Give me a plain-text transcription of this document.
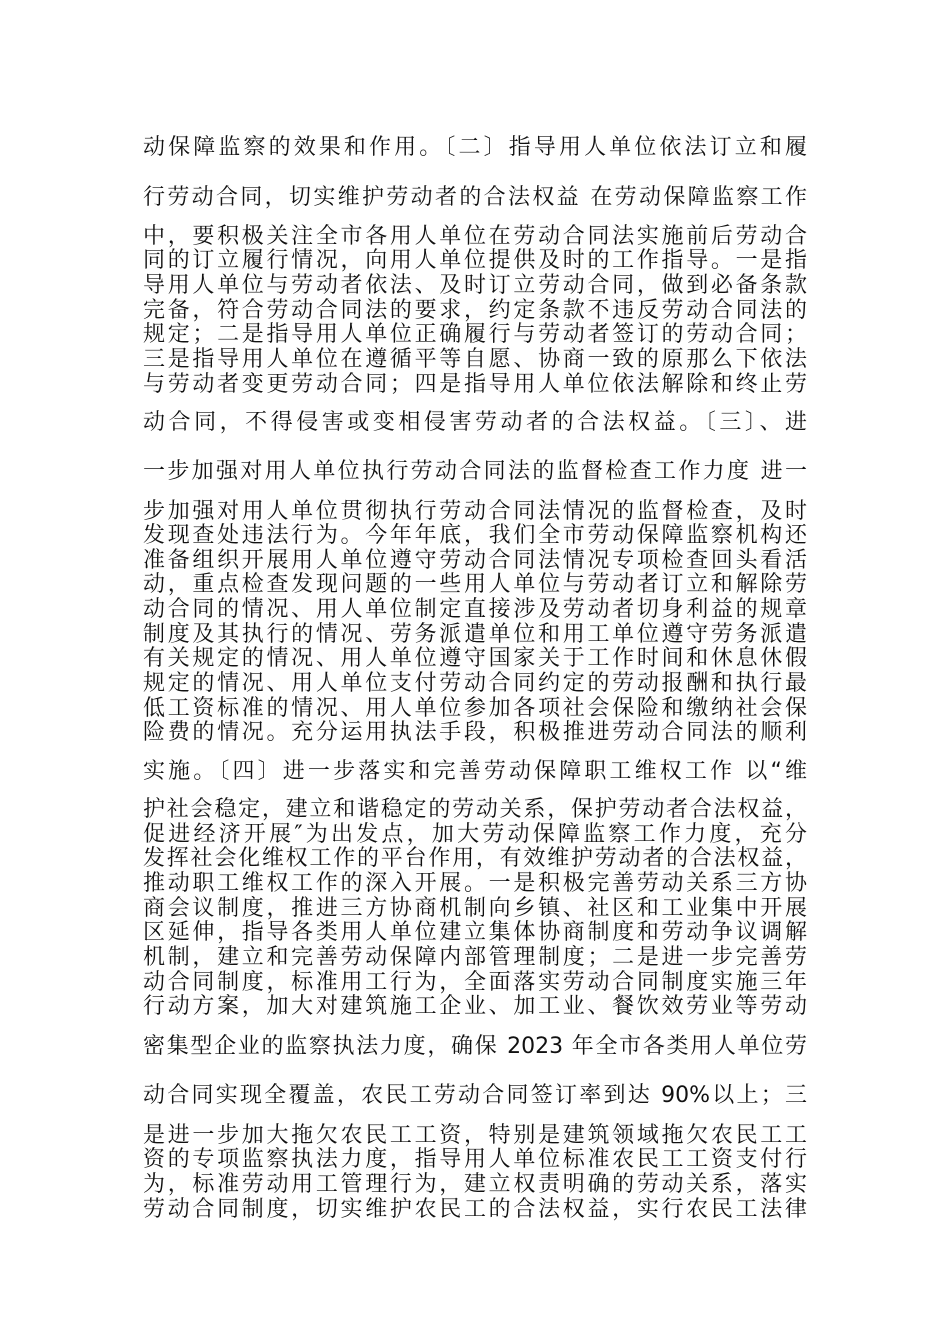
动保障监察的效果和作用。〔二〕指导用人单位依法订立和履

行劳动合同，切实维护劳动者的合法权益 在劳动保障监察工作

中，要积极关注全市各用人单位在劳动合同法实施前后劳动合

同的订立履行情况，向用人单位提供及时的工作指导。一是指

导用人单位与劳动者依法、及时订立劳动合同，做到必备条款

完备，符合劳动合同法的要求，约定条款不违反劳动合同法的

规定；二是指导用人单位正确履行与劳动者签订的劳动合同；

三是指导用人单位在遵循平等自愿、协商一致的原那么下依法

与劳动者变更劳动合同；四是指导用人单位依法解除和终止劳

动合同，不得侵害或变相侵害劳动者的合法权益。〔三〕、进

一步加强对用人单位执行劳动合同法的监督检查工作力度 进一

步加强对用人单位贯彻执行劳动合同法情况的监督检查，及时

发现查处违法行为。今年年底，我们全市劳动保障监察机构还

准备组织开展用人单位遵守劳动合同法情况专项检查回头看活

动，重点检查发现问题的一些用人单位与劳动者订立和解除劳

动合同的情况、用人单位制定直接涉及劳动者切身利益的规章

制度及其执行的情况、劳务派遣单位和用工单位遵守劳务派遣

有关规定的情况、用人单位遵守国家关于工作时间和休息休假

规定的情况、用人单位支付劳动合同约定的劳动报酬和执行最

低工资标准的情况、用人单位参加各项社会保险和缴纳社会保

险费的情况。充分运用执法手段，积极推进劳动合同法的顺利

实施。〔四〕进一步落实和完善劳动保障职工维权工作 以“维

护社会稳定，建立和谐稳定的劳动关系，保护劳动者合法权益，

促进经济开展″为出发点，加大劳动保障监察工作力度，充分

发挥社会化维权工作的平台作用，有效维护劳动者的合法权益，

推动职工维权工作的深入开展。一是积极完善劳动关系三方协

商会议制度，推进三方协商机制向乡镇、社区和工业集中开展

区延伸，指导各类用人单位建立集体协商制度和劳动争议调解

机制，建立和完善劳动保障内部管理制度；二是进一步完善劳

动合同制度，标准用工行为，全面落实劳动合同制度实施三年

行动方案，加大对建筑施工企业、加工业、餐饮效劳业等劳动

密集型企业的监察执法力度，确保 2023 年全市各类用人单位劳

动合同实现全覆盖，农民工劳动合同签订率到达 90%以上；三

是进一步加大拖欠农民工工资，特别是建筑领域拖欠农民工工

资的专项监察执法力度，指导用人单位标准农民工工资支付行

为，标准劳动用工管理行为，建立权责明确的劳动关系，落实

劳动合同制度，切实维护农民工的合法权益，实行农民工法律
